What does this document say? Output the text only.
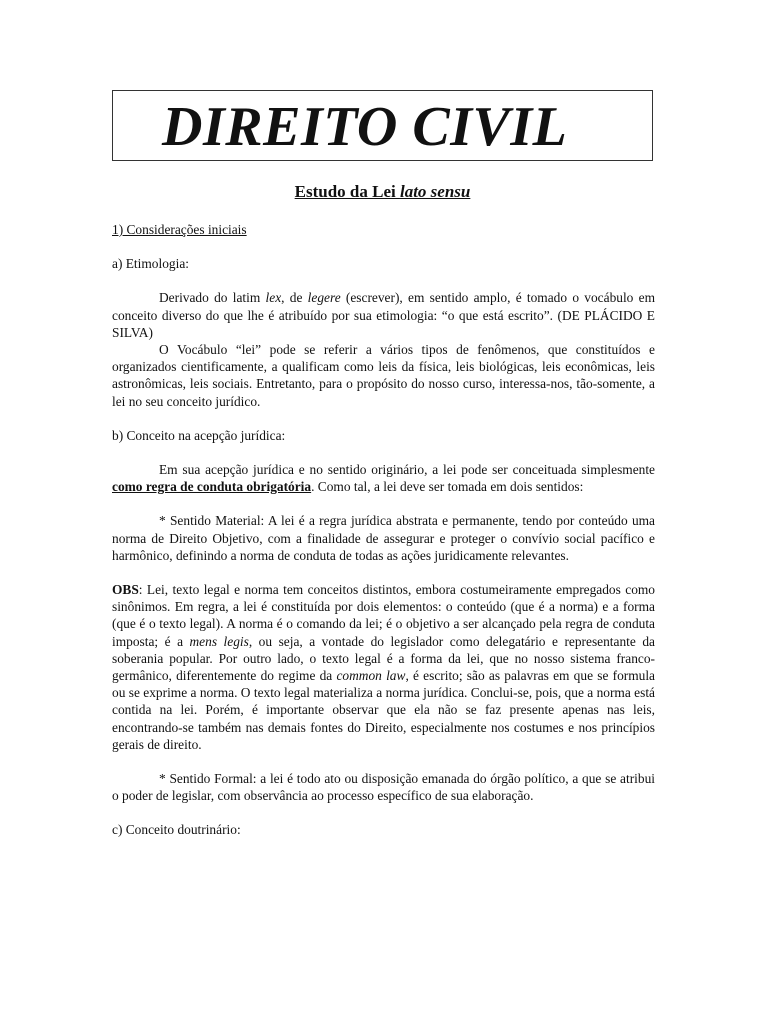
DIREITO CIVIL
Estudo da Lei lato sensu

1) Considerações iniciais

a) Etimologia:

Derivado do latim lex, de legere (escrever), em sentido amplo, é tomado o vocábulo em conceito diverso do que lhe é atribuído por sua etimologia: “o que está escrito”. (DE PLÁCIDO E SILVA)

O Vocábulo “lei” pode se referir a vários tipos de fenômenos, que constituídos e organizados cientificamente, a qualificam como leis da física, leis biológicas, leis econômicas, leis astronômicas, leis sociais. Entretanto, para o propósito do nosso curso, interessa-nos, tão-somente, a lei no seu conceito jurídico.

b) Conceito na acepção jurídica:

Em sua acepção jurídica e no sentido originário, a lei pode ser conceituada simplesmente como regra de conduta obrigatória. Como tal, a lei deve ser tomada em dois sentidos:

* Sentido Material: A lei é a regra jurídica abstrata e permanente, tendo por conteúdo uma norma de Direito Objetivo, com a finalidade de assegurar e proteger o convívio social pacífico e harmônico, definindo a norma de conduta de todas as ações juridicamente relevantes.

OBS: Lei, texto legal e norma tem conceitos distintos, embora costumeiramente empregados como sinônimos. Em regra, a lei é constituída por dois elementos: o conteúdo (que é a norma) e a forma (que é o texto legal). A norma é o comando da lei; é o objetivo a ser alcançado pela regra de conduta imposta; é a mens legis, ou seja, a vontade do legislador como delegatário e representante da soberania popular. Por outro lado, o texto legal é a forma da lei, que no nosso sistema franco-germânico, diferentemente do regime da common law, é escrito; são as palavras em que se formula ou se exprime a norma. O texto legal materializa a norma jurídica. Conclui-se, pois, que a norma está contida na lei. Porém, é importante observar que ela não se faz presente apenas nas leis, encontrando-se também nas demais fontes do Direito, especialmente nos costumes e nos princípios gerais de direito.

* Sentido Formal: a lei é todo ato ou disposição emanada do órgão político, a que se atribui o poder de legislar, com observância ao processo específico de sua elaboração.

c) Conceito doutrinário:
